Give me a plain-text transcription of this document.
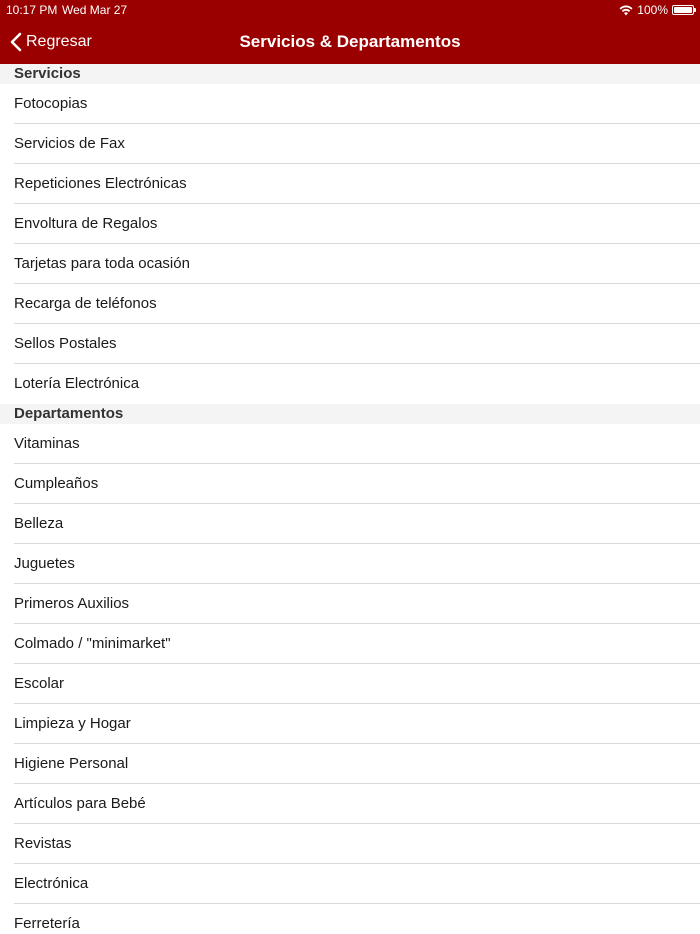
10:17 PM Wed Mar 27	100%
Regresar	Servicios & Departamentos
Servicios
Fotocopias
Servicios de Fax
Repeticiones Electrónicas
Envoltura de Regalos
Tarjetas para toda ocasión
Recarga de teléfonos
Sellos Postales
Lotería Electrónica
Departamentos
Vitaminas
Cumpleaños
Belleza
Juguetes
Primeros Auxilios
Colmado / "minimarket"
Escolar
Limpieza y Hogar
Higiene Personal
Artículos para Bebé
Revistas
Electrónica
Ferretería
